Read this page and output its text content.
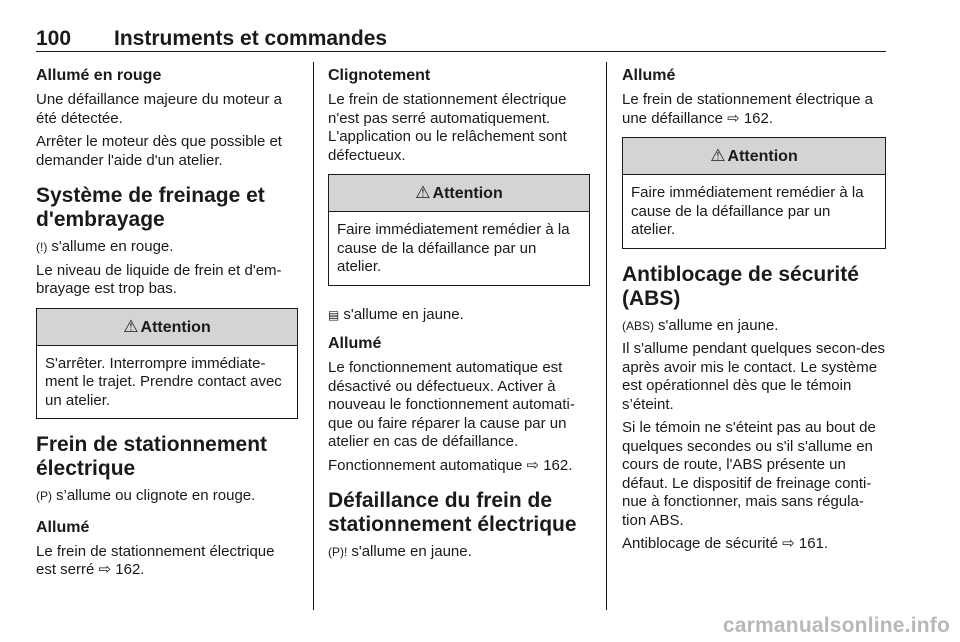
100 Instruments et commandes
Allumé en rouge

Une défaillance majeure du moteur a été détectée.

Arrêter le moteur dès que possible et demander l'aide d'un atelier.

Système de freinage et d'embrayage

(!) s'allume en rouge.

Le niveau de liquide de frein et d'em-brayage est trop bas.

⚠ Attention
S'arrêter. Interrompre immédiate-ment le trajet. Prendre contact avec un atelier.
Frein de stationnement électrique

(P) s’allume ou clignote en rouge.

Allumé

Le frein de stationnement électrique est serré ⇨ 162.

Clignotement

Le frein de stationnement électrique n'est pas serré automatiquement. L'application ou le relâchement sont défectueux.

⚠ Attention
Faire immédiatement remédier à la cause de la défaillance par un atelier.

▤ s'allume en jaune.

Allumé

Le fonctionnement automatique est désactivé ou défectueux. Activer à nouveau le fonctionnement automati-que ou faire réparer la cause par un atelier en cas de défaillance.

Fonctionnement automatique ⇨ 162.

Défaillance du frein de stationnement électrique

(P)! s'allume en jaune.

Allumé

Le frein de stationnement électrique a une défaillance ⇨ 162.

⚠ Attention
Faire immédiatement remédier à la cause de la défaillance par un atelier.
Antiblocage de sécurité (ABS)

(ABS) s'allume en jaune.

Il s'allume pendant quelques secon-des après avoir mis le contact. Le système est opérationnel dès que le témoin s’éteint.

Si le témoin ne s'éteint pas au bout de quelques secondes ou s'il s'allume en cours de route, l'ABS présente un défaut. Le dispositif de freinage conti-nue à fonctionner, mais sans régula-tion ABS.

Antiblocage de sécurité ⇨ 161.

carmanualsonline.info
